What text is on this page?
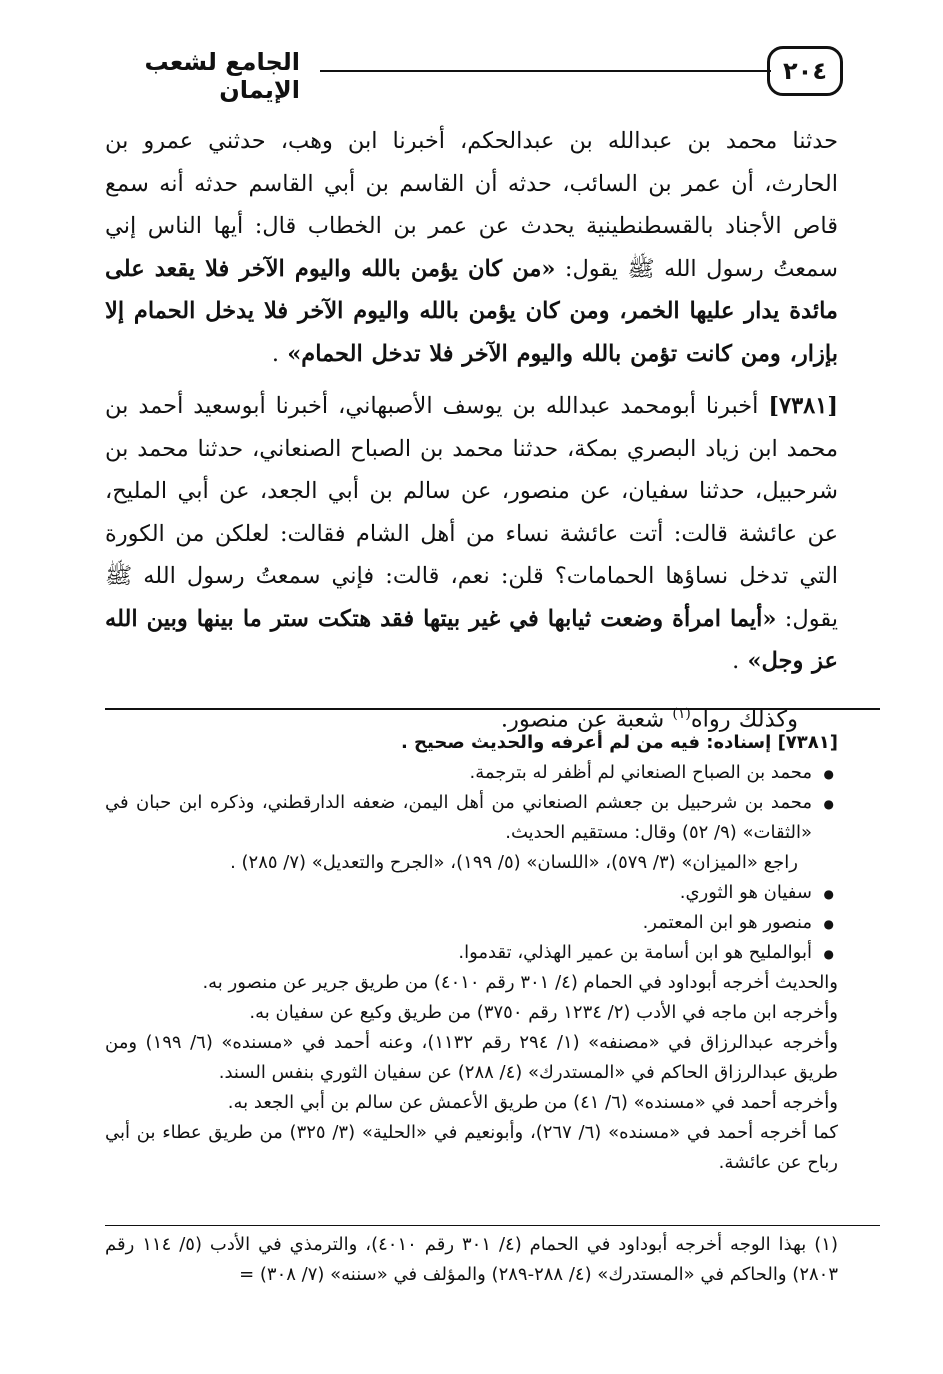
٢٠٤
الجامع لشعب الإيمان

حدثنا محمد بن عبدالله بن عبدالحكم، أخبرنا ابن وهب، حدثني عمرو بن الحارث، أن عمر بن السائب، حدثه أن القاسم بن أبي القاسم حدثه أنه سمع قاص الأجناد بالقسطنطينية يحدث عن عمر بن الخطاب قال: أيها الناس إني سمعتُ رسول الله ﷺ يقول: «من كان يؤمن بالله واليوم الآخر فلا يقعد على مائدة يدار عليها الخمر، ومن كان يؤمن بالله واليوم الآخر فلا يدخل الحمام إلا بإزار، ومن كانت تؤمن بالله واليوم الآخر فلا تدخل الحمام» .

[٧٣٨١] أخبرنا أبومحمد عبدالله بن يوسف الأصبهاني، أخبرنا أبوسعيد أحمد بن محمد ابن زياد البصري بمكة، حدثنا محمد بن الصباح الصنعاني، حدثنا محمد بن شرحبيل، حدثنا سفيان، عن منصور، عن سالم بن أبي الجعد، عن أبي المليح، عن عائشة قالت: أتت عائشة نساء من أهل الشام فقالت: لعلكن من الكورة التي تدخل نساؤها الحمامات؟ قلن: نعم، قالت: فإني سمعتُ رسول الله ﷺ يقول: «أيما امرأة وضعت ثيابها في غير بيتها فقد هتكت ستر ما بينها وبين الله عز وجل» .

وكذلك رواه$^{(١)}$ شعبة عن منصور.

[٧٣٨١] إسناده: فيه من لم أعرفه والحديث صحيح .

● محمد بن الصباح الصنعاني لم أظفر له بترجمة.

● محمد بن شرحبيل بن جعشم الصنعاني من أهل اليمن، ضعفه الدارقطني، وذكره ابن حبان في «الثقات» (٩/ ٥٢) وقال: مستقيم الحديث.

راجع «الميزان» (٣/ ٥٧٩)، «اللسان» (٥/ ١٩٩)، «الجرح والتعديل» (٧/ ٢٨٥) .

● سفيان هو الثوري.

● منصور هو ابن المعتمر.

● أبوالمليح هو ابن أسامة بن عمير الهذلي، تقدموا.

والحديث أخرجه أبوداود في الحمام (٤/ ٣٠١ رقم ٤٠١٠) من طريق جرير عن منصور به.

وأخرجه ابن ماجه في الأدب (٢/ ١٢٣٤ رقم ٣٧٥٠) من طريق وكيع عن سفيان به.

وأخرجه عبدالرزاق في «مصنفه» (١/ ٢٩٤ رقم ١١٣٢)، وعنه أحمد في «مسنده» (٦/ ١٩٩) ومن طريق عبدالرزاق الحاكم في «المستدرك» (٤/ ٢٨٨) عن سفيان الثوري بنفس السند.

وأخرجه أحمد في «مسنده» (٦/ ٤١) من طريق الأعمش عن سالم بن أبي الجعد به.

كما أخرجه أحمد في «مسنده» (٦/ ٢٦٧)، وأبونعيم في «الحلية» (٣/ ٣٢٥) من طريق عطاء بن أبي رباح عن عائشة.

(١) بهذا الوجه أخرجه أبوداود في الحمام (٤/ ٣٠١ رقم ٤٠١٠)، والترمذي في الأدب (٥/ ١١٤ رقم ٢٨٠٣) والحاكم في «المستدرك» (٤/ ٢٨٨-٢٨٩) والمؤلف في «سننه» (٧/ ٣٠٨) =
